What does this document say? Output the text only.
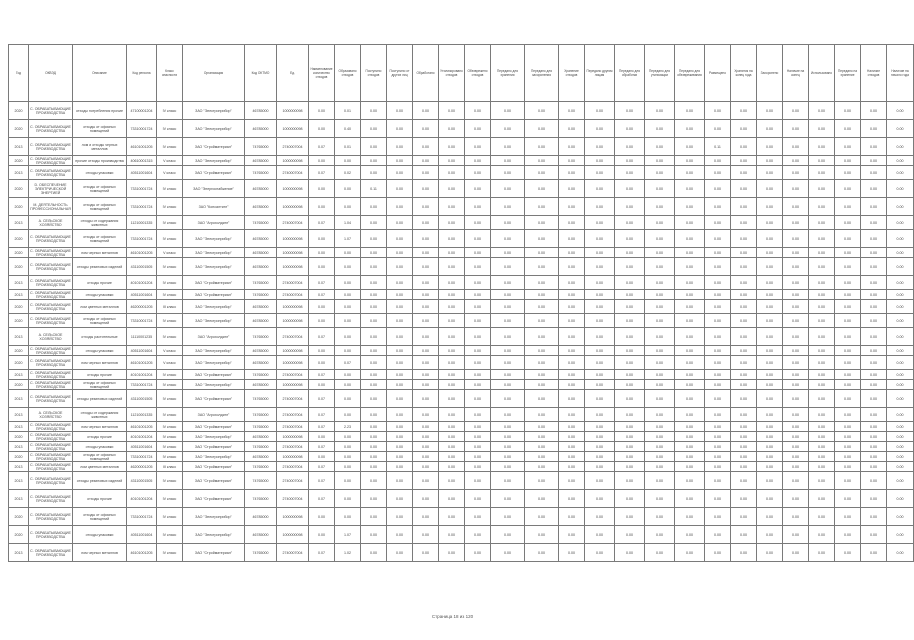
Год	ОКВЭД	Описание	Код региона	Класс опасности	Организация	Код ОКТМО	Ед.	Наименование количество отходов	Образовано отходов	Поступило отходов	Поступило от других лиц	Обработано	Утилизировано отходов	Обезврежено отходов	Передано для хранения	Передано для захоронения	Хранение отходов	Передано другим лицам	Передано для обработки	Передано для утилизации	Передано для обезвреживания	Размещено	Хранится на конец года	Захоронено	Наличие на конец	Использовано	Передано на хранение	Наличие отходов	Наличие на начало года
2020	С. ОБРАБАТЫВАЮЩИЕ ПРОИЗВОДСТВА	отходы потребления прочие	47100001204	IV класс	ЗАО "Электроприбор"	46785000	1000000098	0.00	0.01	0.00	0.00	0.00	0.00	0.00	0.00	0.00	0.00	0.00	0.00	0.00	0.00	0.00	0.00	0.00	0.00	0.00	0.00	0.00	0.00
2020	С. ОБРАБАТЫВАЮЩИЕ ПРОИЗВОДСТВА	отходы от офисных помещений	73310001724	IV класс	ЗАО "Электроприбор"	46785000	1000000098	0.00	0.40	0.00	0.00	0.00	0.00	0.00	0.00	0.00	0.00	0.00	0.00	0.00	0.00	0.00	0.00	0.00	0.00	0.00	0.00	0.00	0.00
2013	С. ОБРАБАТЫВАЮЩИЕ ПРОИЗВОДСТВА	лом и отходы черных металлов	46101001205	IV класс	ЗАО "Стройматериал"	74765000	2740007004	0.07	0.01	0.00	0.00	0.00	0.00	0.00	0.00	0.00	0.00	0.00	0.00	0.00	0.00	0.11	0.00	0.00	0.00	0.00	0.00	0.00	0.00
2020	С. ОБРАБАТЫВАЮЩИЕ ПРОИЗВОДСТВА	прочие отходы производства	40610001315	V класс	ЗАО "Электроприбор"	46785000	1000000098	0.00	0.00	0.00	0.00	0.00	0.00	0.00	0.00	0.00	0.00	0.00	0.00	0.00	0.00	0.00	0.00	0.00	0.00	0.00	0.00	0.00	0.00
2013	С. ОБРАБАТЫВАЮЩИЕ ПРОИЗВОДСТВА	отходы упаковки	40511001604	V класс	ЗАО "Стройматериал"	74765000	2740007004	0.07	0.02	0.00	0.00	0.00	0.00	0.00	0.00	0.00	0.00	0.00	0.00	0.00	0.00	0.00	0.00	0.00	0.00	0.00	0.00	0.00	0.00
2020	D. ОБЕСПЕЧЕНИЕ ЭЛЕКТРИЧЕСКОЙ ЭНЕРГИЕЙ	отходы от офисных помещений	73310001724	IV класс	ЗАО "Энергоснабжение"	46785000	1000000098	0.00	0.00	0.11	0.00	0.00	0.00	0.00	0.00	0.00	0.00	0.00	0.00	0.00	0.00	0.00	0.00	0.00	0.00	0.00	0.00	0.00	0.00
2020	М. ДЕЯТЕЛЬНОСТЬ ПРОФЕССИОНАЛЬНАЯ	отходы от офисных помещений	73310001724	IV класс	ЗАО "Консалтинг"	46785000	1000000098	0.00	0.00	0.00	0.00	0.00	0.00	0.00	0.00	0.00	0.00	0.00	0.00	0.00	0.00	0.00	0.00	0.00	0.00	0.00	0.00	0.00	0.00
2013	А. СЕЛЬСКОЕ ХОЗЯЙСТВО	отходы от содержания животных	11210001335	IV класс	ЗАО "Агрохолдинг"	74765000	2740007004	0.07	1.04	0.00	0.00	0.00	0.00	0.00	0.00	0.00	0.00	0.00	0.00	0.00	0.00	0.00	0.00	0.00	0.00	0.00	0.00	0.00	0.00
2020	С. ОБРАБАТЫВАЮЩИЕ ПРОИЗВОДСТВА	отходы от офисных помещений	73310001724	IV класс	ЗАО "Электроприбор"	46785000	1000000098	0.00	1.07	0.00	0.00	0.00	0.00	0.00	0.00	0.00	0.00	0.00	0.00	0.00	0.00	0.00	0.00	0.00	0.00	0.00	0.00	0.00	0.00
2020	С. ОБРАБАТЫВАЮЩИЕ ПРОИЗВОДСТВА	лом черных металлов	46101001205	V класс	ЗАО "Электроприбор"	46785000	1000000098	0.00	0.00	0.00	0.00	0.00	0.00	0.00	0.00	0.00	0.00	0.00	0.00	0.00	0.00	0.00	0.00	0.00	0.00	0.00	0.00	0.00	0.00
2020	С. ОБРАБАТЫВАЮЩИЕ ПРОИЗВОДСТВА	отходы резиновых изделий	43110001505	IV класс	ЗАО "Электроприбор"	46785000	1000000098	0.00	0.00	0.00	0.00	0.00	0.00	0.00	0.00	0.00	0.00	0.00	0.00	0.00	0.00	0.00	0.00	0.00	0.00	0.00	0.00	0.00	0.00
2013	С. ОБРАБАТЫВАЮЩИЕ ПРОИЗВОДСТВА	отходы прочие	40101001204	IV класс	ЗАО "Стройматериал"	74765000	2740007004	0.07	0.00	0.00	0.00	0.00	0.00	0.00	0.00	0.00	0.00	0.00	0.00	0.00	0.00	0.00	0.00	0.00	0.00	0.00	0.00	0.00	0.00
2013	С. ОБРАБАТЫВАЮЩИЕ ПРОИЗВОДСТВА	отходы упаковки	40511001604	IV класс	ЗАО "Стройматериал"	74765000	2740007004	0.07	0.00	0.00	0.00	0.00	0.00	0.00	0.00	0.00	0.00	0.00	0.00	0.00	0.00	0.00	0.00	0.00	0.00	0.00	0.00	0.00	0.00
2020	С. ОБРАБАТЫВАЮЩИЕ ПРОИЗВОДСТВА	лом цветных металлов	46200001205	III класс	ЗАО "Электроприбор"	46785000	1000000098	0.00	0.00	0.00	0.00	0.00	0.00	0.00	0.00	0.00	0.00	0.00	0.00	0.00	0.00	0.00	0.00	0.00	0.00	0.00	0.00	0.00	0.00
2020	С. ОБРАБАТЫВАЮЩИЕ ПРОИЗВОДСТВА	отходы от офисных помещений	73310001724	IV класс	ЗАО "Электроприбор"	46785000	1000000098	0.00	0.00	0.00	0.00	0.00	0.00	0.00	0.00	0.00	0.00	0.00	0.00	0.00	0.00	0.00	0.00	0.00	0.00	0.00	0.00	0.00	0.00
2013	А. СЕЛЬСКОЕ ХОЗЯЙСТВО	отходы растительные	11110001235	IV класс	ЗАО "Агрохолдинг"	74765000	2740007004	0.07	0.00	0.00	0.00	0.00	0.00	0.00	0.00	0.00	0.00	0.00	0.00	0.00	0.00	0.00	0.00	0.00	0.00	0.00	0.00	0.00	0.00
2020	С. ОБРАБАТЫВАЮЩИЕ ПРОИЗВОДСТВА	отходы упаковки	40511001604	V класс	ЗАО "Электроприбор"	46785000	1000000098	0.00	0.00	0.00	0.00	0.00	0.00	0.00	0.00	0.00	0.00	0.00	0.00	0.00	0.00	0.00	0.00	0.00	0.00	0.00	0.00	0.00	0.00
2020	С. ОБРАБАТЫВАЮЩИЕ ПРОИЗВОДСТВА	лом черных металлов	46101001205	V класс	ЗАО "Электроприбор"	46785000	1000000098	0.00	0.07	0.00	0.00	0.00	0.00	0.00	0.00	0.00	0.00	0.00	0.00	0.00	0.00	0.00	0.00	0.00	0.00	0.00	0.00	0.00	0.00
2013	С. ОБРАБАТЫВАЮЩИЕ ПРОИЗВОДСТВА	отходы прочие	40101001204	IV класс	ЗАО "Стройматериал"	74765000	2740007004	0.07	0.00	0.00	0.00	0.00	0.00	0.00	0.00	0.00	0.00	0.00	0.00	0.00	0.00	0.00	0.00	0.00	0.00	0.00	0.00	0.00	0.00
2020	С. ОБРАБАТЫВАЮЩИЕ ПРОИЗВОДСТВА	отходы от офисных помещений	73310001724	IV класс	ЗАО "Электроприбор"	46785000	1000000098	0.00	0.00	0.00	0.00	0.00	0.00	0.00	0.00	0.00	0.00	0.00	0.00	0.00	0.00	0.00	0.00	0.00	0.00	0.00	0.00	0.00	0.00
2013	С. ОБРАБАТЫВАЮЩИЕ ПРОИЗВОДСТВА	отходы резиновых изделий	43110001505	IV класс	ЗАО "Стройматериал"	74765000	2740007004	0.07	0.00	0.00	0.00	0.00	0.00	0.00	0.00	0.00	0.00	0.00	0.00	0.00	0.00	0.00	0.00	0.00	0.00	0.00	0.00	0.00	0.00
2013	А. СЕЛЬСКОЕ ХОЗЯЙСТВО	отходы от содержания животных	11210001335	IV класс	ЗАО "Агрохолдинг"	74765000	2740007004	0.07	0.00	0.00	0.00	0.00	0.00	0.00	0.00	0.00	0.00	0.00	0.00	0.00	0.00	0.00	0.00	0.00	0.00	0.00	0.00	0.00	0.00
2013	С. ОБРАБАТЫВАЮЩИЕ ПРОИЗВОДСТВА	лом черных металлов	46101001205	IV класс	ЗАО "Стройматериал"	74765000	2740007004	0.07	2.23	0.00	0.00	0.00	0.00	0.00	0.00	0.00	0.00	0.00	0.00	0.00	0.00	0.00	0.00	0.00	0.00	0.00	0.00	0.00	0.00
2020	С. ОБРАБАТЫВАЮЩИЕ ПРОИЗВОДСТВА	отходы прочие	40101001204	IV класс	ЗАО "Электроприбор"	46785000	1000000098	0.00	0.00	0.00	0.00	0.00	0.00	0.00	0.00	0.00	0.00	0.00	0.00	0.00	0.00	0.00	0.00	0.00	0.00	0.00	0.00	0.00	0.00
2013	С. ОБРАБАТЫВАЮЩИЕ ПРОИЗВОДСТВА	отходы упаковки	40511001604	IV класс	ЗАО "Стройматериал"	74765000	2740007004	0.07	0.00	0.00	0.00	0.00	0.00	0.00	0.00	0.00	0.00	0.00	0.00	0.00	0.00	0.00	0.00	0.00	0.00	0.00	0.00	0.00	0.00
2020	С. ОБРАБАТЫВАЮЩИЕ ПРОИЗВОДСТВА	отходы от офисных помещений	73310001724	IV класс	ЗАО "Электроприбор"	46785000	1000000098	0.00	0.00	0.00	0.00	0.00	0.00	0.00	0.00	0.00	0.00	0.00	0.00	0.00	0.00	0.00	0.00	0.00	0.00	0.00	0.00	0.00	0.00
2013	С. ОБРАБАТЫВАЮЩИЕ ПРОИЗВОДСТВА	лом цветных металлов	46200001205	III класс	ЗАО "Стройматериал"	74765000	2740007004	0.07	0.00	0.00	0.00	0.00	0.00	0.00	0.00	0.00	0.00	0.00	0.00	0.00	0.00	0.00	0.00	0.00	0.00	0.00	0.00	0.00	0.00
2013	С. ОБРАБАТЫВАЮЩИЕ ПРОИЗВОДСТВА	отходы резиновых изделий	43110001505	IV класс	ЗАО "Стройматериал"	74765000	2740007004	0.07	0.00	0.00	0.00	0.00	0.00	0.00	0.00	0.00	0.00	0.00	0.00	0.00	0.00	0.00	0.00	0.00	0.00	0.00	0.00	0.00	0.00
2013	С. ОБРАБАТЫВАЮЩИЕ ПРОИЗВОДСТВА	отходы прочие	40101001204	IV класс	ЗАО "Стройматериал"	74765000	2740007004	0.07	0.00	0.00	0.00	0.00	0.00	0.00	0.00	0.00	0.00	0.00	0.00	0.00	0.00	0.00	0.00	0.00	0.00	0.00	0.00	0.00	0.00
2020	С. ОБРАБАТЫВАЮЩИЕ ПРОИЗВОДСТВА	отходы от офисных помещений	73310001724	IV класс	ЗАО "Электроприбор"	46785000	1000000098	0.00	0.00	0.00	0.00	0.00	0.00	0.00	0.00	0.00	0.00	0.00	0.00	0.00	0.00	0.00	0.00	0.00	0.00	0.00	0.00	0.00	0.00
2020	С. ОБРАБАТЫВАЮЩИЕ ПРОИЗВОДСТВА	отходы упаковки	40511001604	IV класс	ЗАО "Электроприбор"	46785000	1000000098	0.00	1.07	0.00	0.00	0.00	0.00	0.00	0.00	0.00	0.00	0.00	0.00	0.00	0.00	0.00	0.00	0.00	0.00	0.00	0.00	0.00	0.00
2013	С. ОБРАБАТЫВАЮЩИЕ ПРОИЗВОДСТВА	лом черных металлов	46101001205	IV класс	ЗАО "Стройматериал"	74765000	2740007004	0.07	1.02	0.00	0.00	0.00	0.00	0.00	0.00	0.00	0.00	0.00	0.00	0.00	0.00	0.00	0.00	0.00	0.00	0.00	0.00	0.00	0.00
Страница 18 из 120
